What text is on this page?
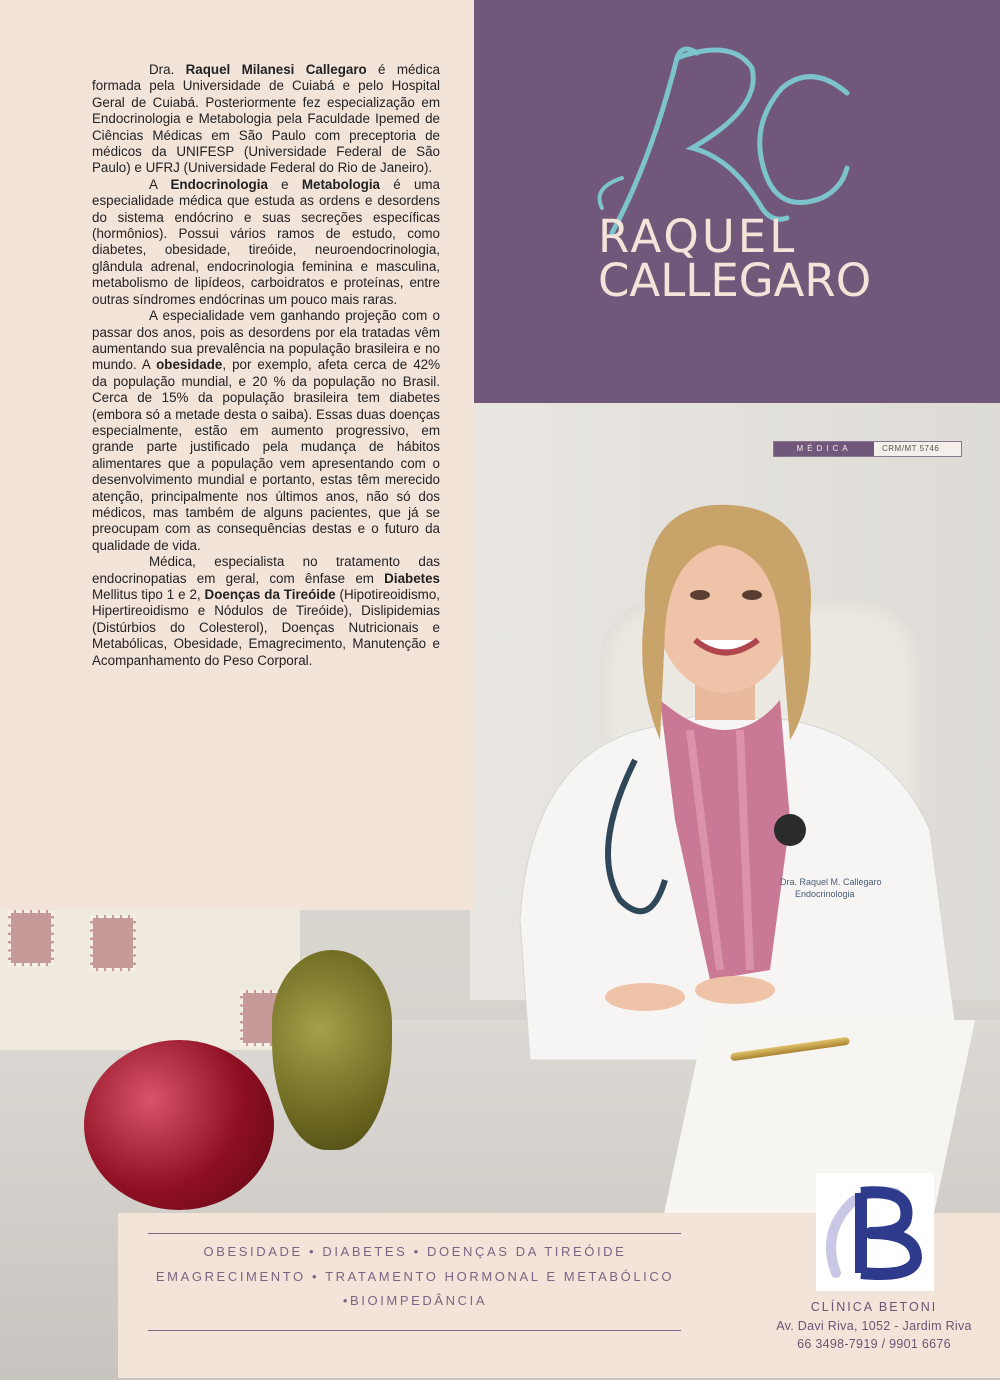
Dra. Raquel M. Callegaro
Endocrinologia

Dra. Raquel Milanesi Callegaro é médica formada pela Universidade de Cuiabá e pelo Hospital Geral de Cuiabá. Posteriormente fez especialização em Endocrinologia e Metabologia pela Faculdade Ipemed de Ciências Médicas em São Paulo com preceptoria de médicos da UNIFESP (Universidade Federal de São Paulo) e UFRJ (Universidade Federal do Rio de Janeiro).

A Endocrinologia e Metabologia é uma especialidade médica que estuda as ordens e desordens do sistema endócrino e suas secreções específicas (hormônios). Possui vários ramos de estudo, como diabetes, obesidade, tireóide, neuroendocrinologia, glândula adrenal, endocrinologia feminina e masculina, metabolismo de lipídeos, carboidratos e proteínas, entre outras síndromes endócrinas um pouco mais raras.

A especialidade vem ganhando projeção com o passar dos anos, pois as desordens por ela tratadas vêm aumentando sua prevalência na população brasileira e no mundo. A obesidade, por exemplo, afeta cerca de 42% da população mundial, e 20 % da população no Brasil. Cerca de 15% da população brasileira tem diabetes (embora só a metade desta o saiba). Essas duas doenças especialmente, estão em aumento progressivo, em grande parte justificado pela mudança de hábitos alimentares que a população vem apresentando com o desenvolvimento mundial e portanto, estas têm merecido atenção, principalmente nos últimos anos, não só dos médicos, mas também de alguns pacientes, que já se preocupam com as consequências destas e o futuro da qualidade de vida.

Médica, especialista no tratamento das endocrinopatias em geral, com ênfase em Diabetes Mellitus tipo 1 e 2, Doenças da Tireóide (Hipotireoidismo, Hipertireoidismo e Nódulos de Tireóide), Dislipidemias (Distúrbios do Colesterol), Doenças Nutricionais e Metabólicas, Obesidade, Emagrecimento, Manutenção e Acompanhamento do Peso Corporal.

RAQUEL
CALLEGARO
MÉDICA	CRM/MT 5746
OBESIDADE • DIABETES • DOENÇAS DA TIREÓIDE
EMAGRECIMENTO • TRATAMENTO HORMONAL E METABÓLICO
•BIOIMPEDÂNCIA	CLÍNICA BETONI
Av. Davi Riva, 1052 - Jardim Riva
66 3498-7919 / 9901 6676
